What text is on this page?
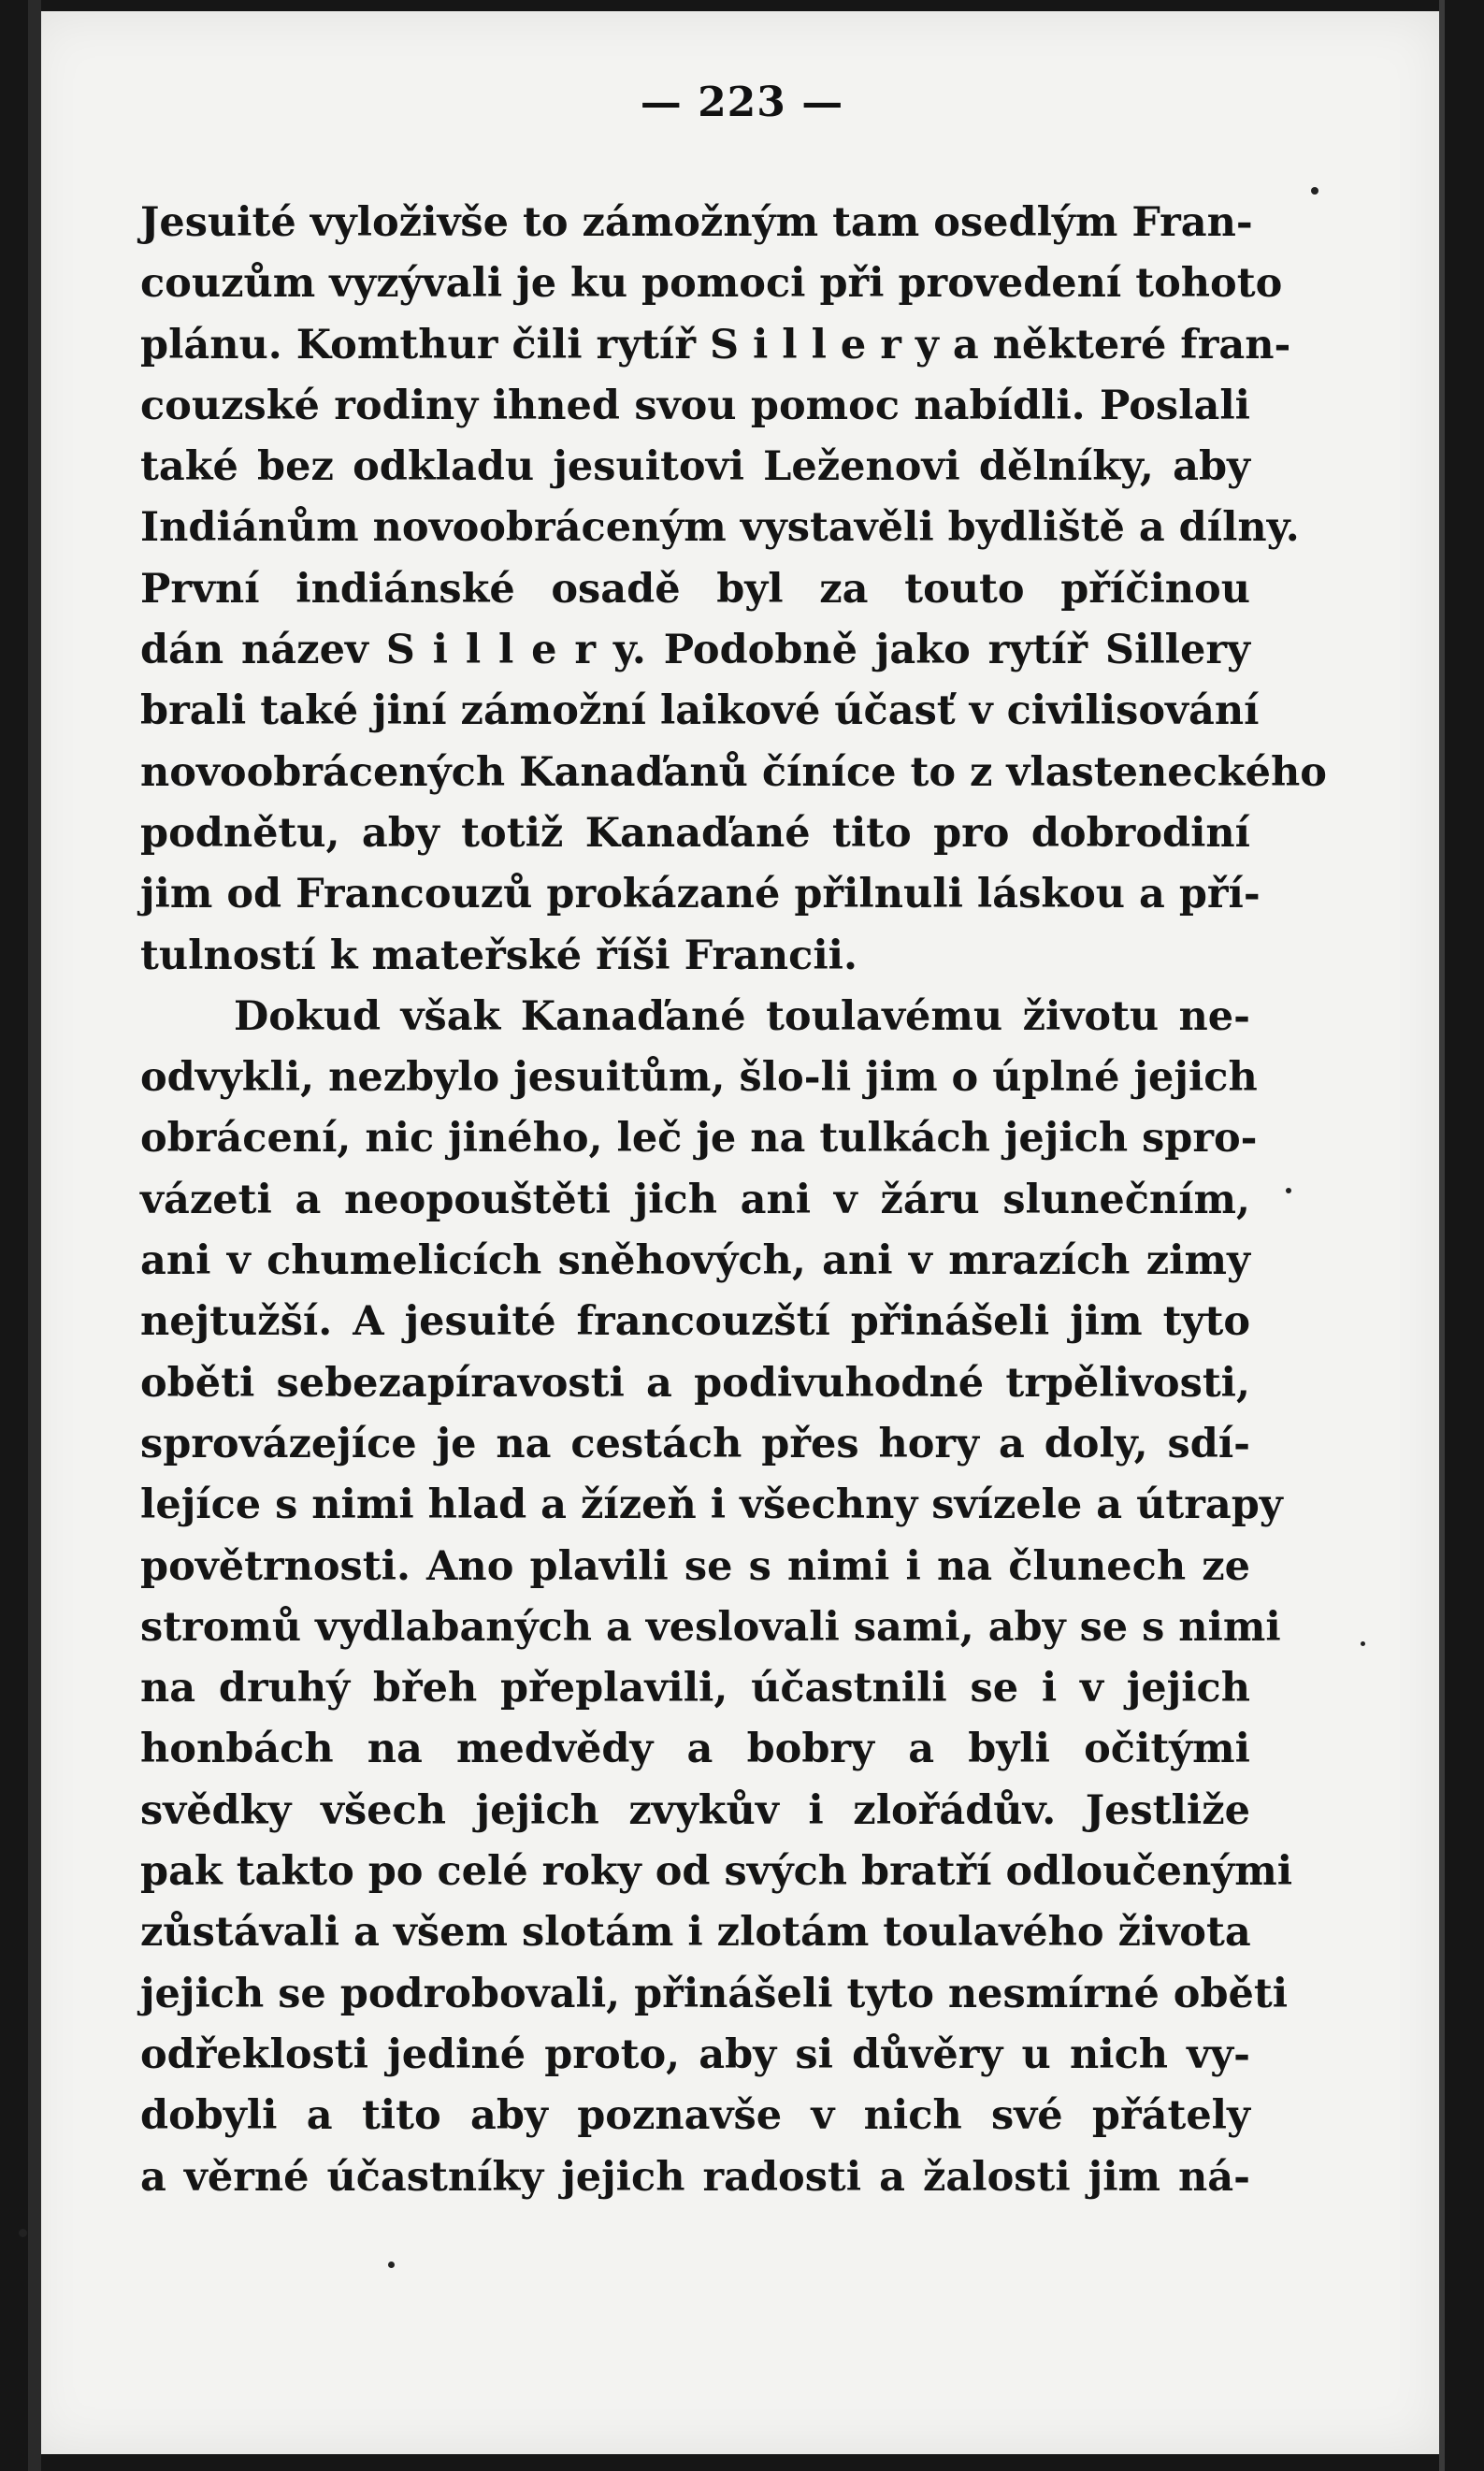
— 223 —
Jesuité vyloživše to zámožným tam osedlým Fran-
couzům vyzývali je ku pomoci při provedení tohoto
plánu. Komthur čili rytíř S i l l e r y a některé fran-
couzské rodiny ihned svou pomoc nabídli. Poslali
také bez odkladu jesuitovi Leženovi dělníky, aby
Indiánům novoobráceným vystavěli bydliště a dílny.
První indiánské osadě byl za touto příčinou
dán název S i l l e r y. Podobně jako rytíř Sillery
brali také jiní zámožní laikové účasť v civilisování
novoobrácených Kanaďanů číníce to z vlasteneckého
podnětu, aby totiž Kanaďané tito pro dobrodiní
jim od Francouzů prokázané přilnuli láskou a pří-
tulností k mateřské říši Francii.
Dokud však Kanaďané toulavému životu ne-
odvykli, nezbylo jesuitům, šlo-li jim o úplné jejich
obrácení, nic jiného, leč je na tulkách jejich spro-
vázeti a neopouštěti jich ani v žáru slunečním,
ani v chumelicích sněhových, ani v mrazích zimy
nejtužší. A jesuité francouzští přinášeli jim tyto
oběti sebezapíravosti a podivuhodné trpělivosti,
sprovázejíce je na cestách přes hory a doly, sdí-
lejíce s nimi hlad a žízeň i všechny svízele a útrapy
povětrnosti. Ano plavili se s nimi i na člunech ze
stromů vydlabaných a veslovali sami, aby se s nimi
na druhý břeh přeplavili, účastnili se i v jejich
honbách na medvědy a bobry a byli očitými
svědky všech jejich zvykův i zlořádův. Jestliže
pak takto po celé roky od svých bratří odloučenými
zůstávali a všem slotám i zlotám toulavého života
jejich se podrobovali, přinášeli tyto nesmírné oběti
odřeklosti jediné proto, aby si důvěry u nich vy-
dobyli a tito aby poznavše v nich své přátely
a věrné účastníky jejich radosti a žalosti jim ná-
